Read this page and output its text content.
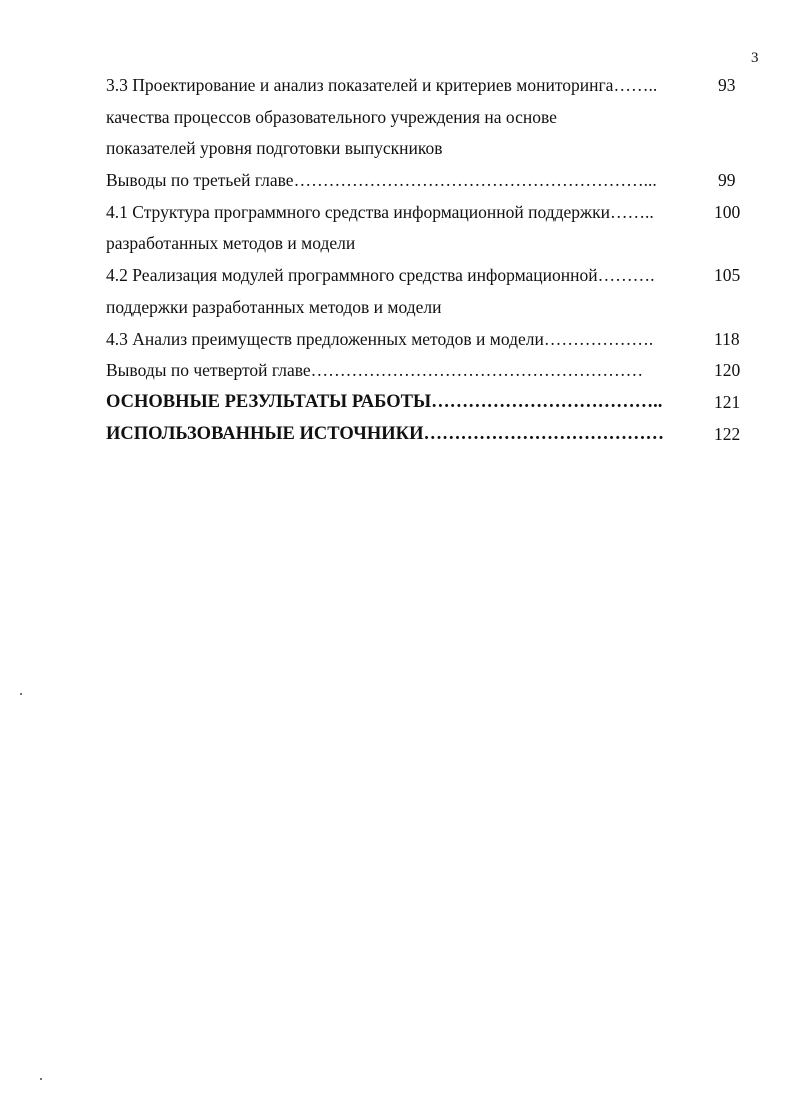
3
3.3 Проектирование и анализ показателей и критериев мониторинга……..	93
качества процессов образовательного учреждения на основе
показателей уровня подготовки выпускников
Выводы по третьей главе……………………………………………………...	99
4.1 Структура программного средства информационной поддержки……..	100
разработанных методов и модели
4.2 Реализация модулей программного средства информационной……….	105
поддержки разработанных методов и модели
4.3 Анализ преимуществ предложенных методов и модели……………….	118
Выводы по четвертой главе…………………………………………………	120
ОСНОВНЫЕ РЕЗУЛЬТАТЫ РАБОТЫ………………………………..	121
ИСПОЛЬЗОВАННЫЕ ИСТОЧНИКИ…………………………………	122
